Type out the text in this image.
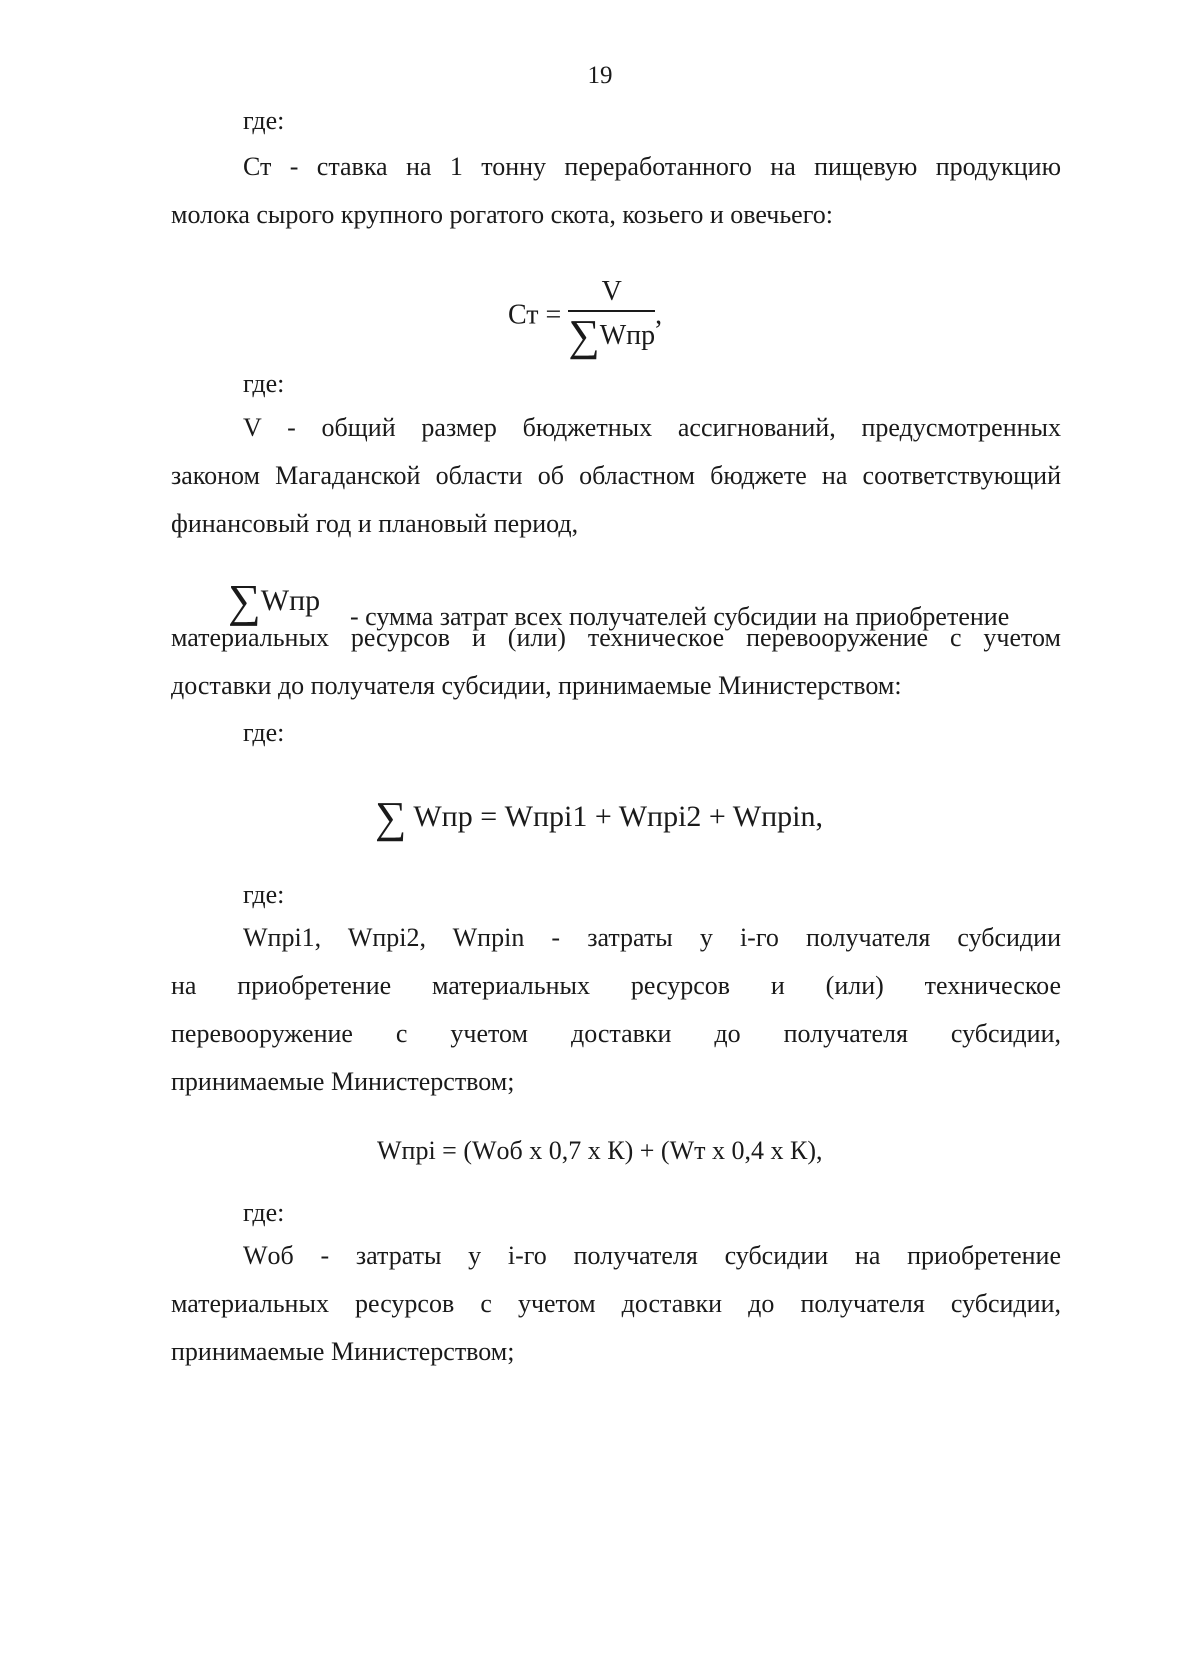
19
где:
Ст - ставка на 1 тонну переработанного на пищевую продукцию
молока сырого крупного рогатого скота, козьего и овечьего:
Ст = $\frac{V}{\text{∑Wпр}}$ ,
где:
V - общий размер бюджетных ассигнований, предусмотренных
законом Магаданской области об областном бюджете на соответствующий
финансовый год и плановый период,
∑Wпр - сумма затрат всех получателей субсидии на приобретение
материальных ресурсов и (или) техническое перевооружение с учетом
доставки до получателя субсидии, принимаемые Министерством:
где:
∑ Wпр = Wпрi1 + Wпрi2 + Wпрin,
где:
Wпрi1, Wпрi2, Wпрin - затраты у i-го получателя субсидии
на приобретение материальных ресурсов и (или) техническое
перевооружение с учетом доставки до получателя субсидии,
принимаемые Министерством;
Wпрi = (Wоб х 0,7 х К) + (Wт х 0,4 х К),
где:
Wоб - затраты у i-го получателя субсидии на приобретение
материальных ресурсов с учетом доставки до получателя субсидии,
принимаемые Министерством;
